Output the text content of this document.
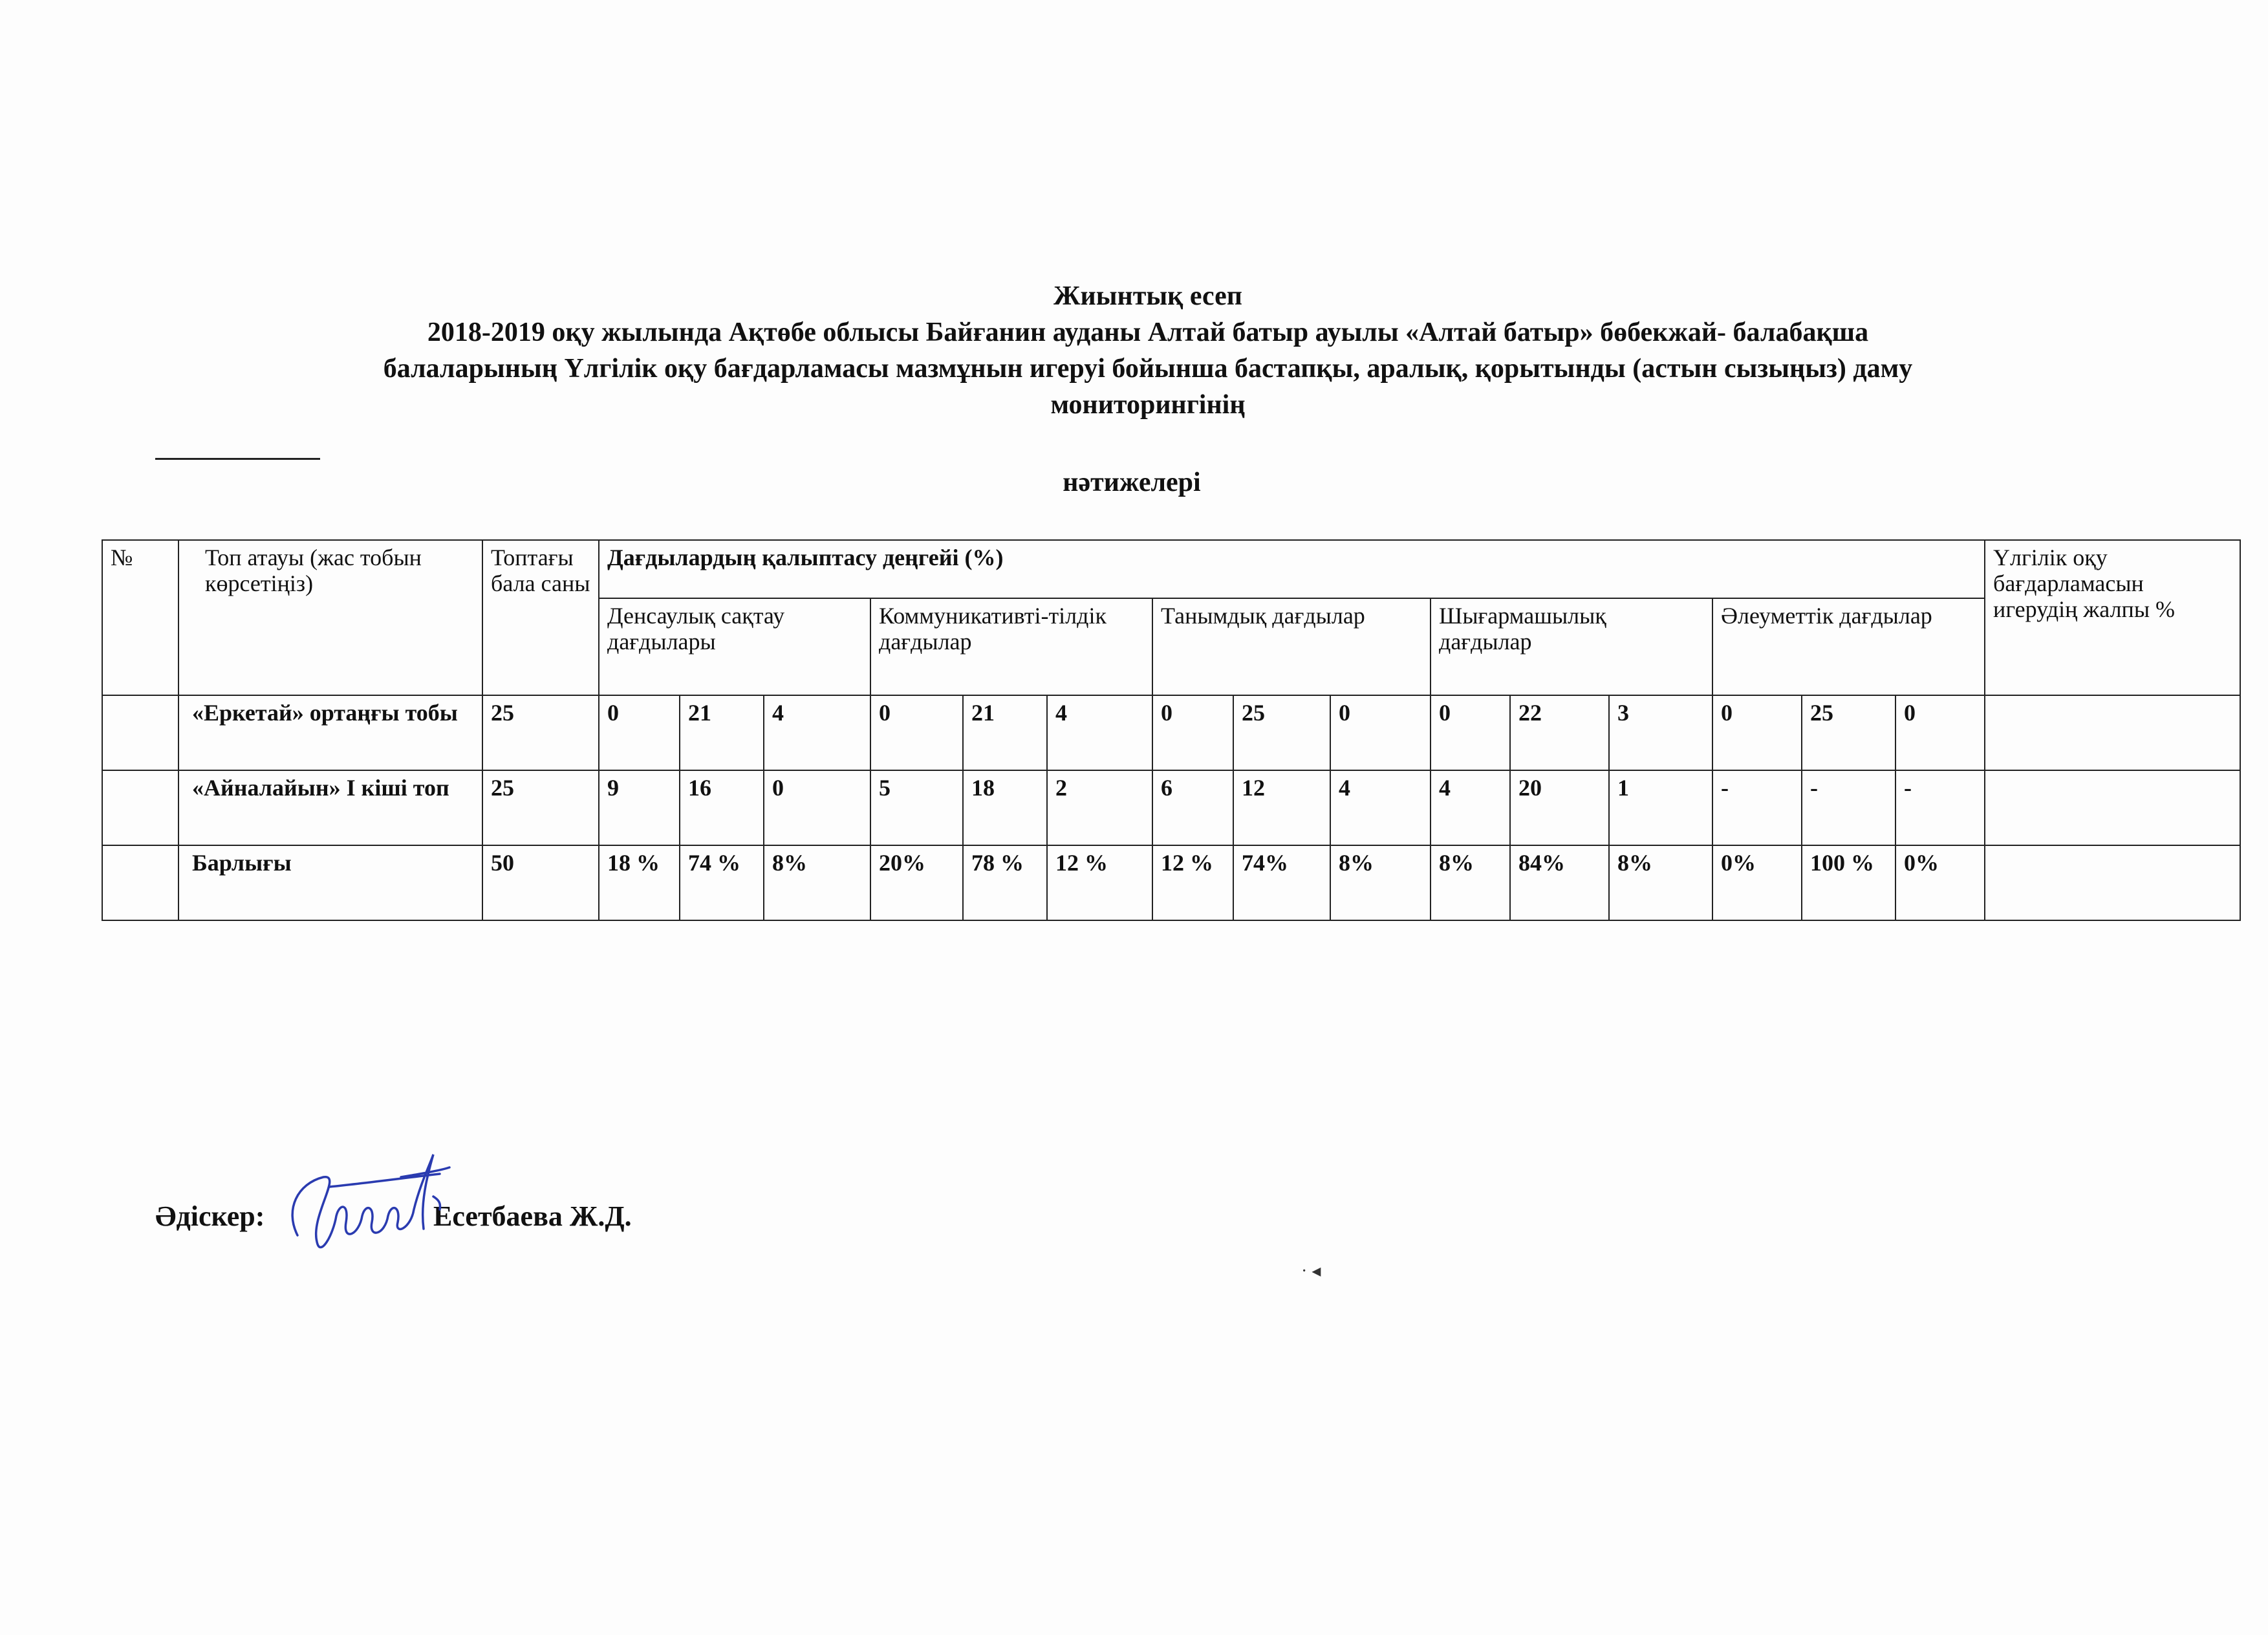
Жиынтық есеп
2018-2019 оқу жылында Ақтөбе облысы Байғанин ауданы Алтай батыр ауылы «Алтай батыр» бөбекжай- балабақша
балаларының Үлгілік оқу бағдарламасы мазмұнын игеруі бойынша бастапқы, аралық, қорытынды (астын сызыңыз) даму
мониторингінің
нәтижелері
№	Топ атауы (жас тобын көрсетіңіз)	Топтағы бала саны	Дағдылардың қалыптасу деңгейі (%)															Үлгілік оқу бағдарламасын игерудің жалпы %
			Денсаулық сақтау дағдылары			Коммуникативті-тілдік дағдылар			Танымдық дағдылар			Шығармашылық дағдылар			Әлеуметтік дағдылар			
	«Еркетай» ортаңғы тобы	25	0	21	4	0	21	4	0	25	0	0	22	3	0	25	0	
	«Айналайын» І кіші топ	25	9	16	0	5	18	2	6	12	4	4	20	1	-	-	-	
	Барлығы	50	18 %	74 %	8%	20%	78 %	12 %	12 %	74%	8%	8%	84%	8%	0%	100 %	0%	
Әдіскер:	Есетбаева Ж.Д.
· ◂
